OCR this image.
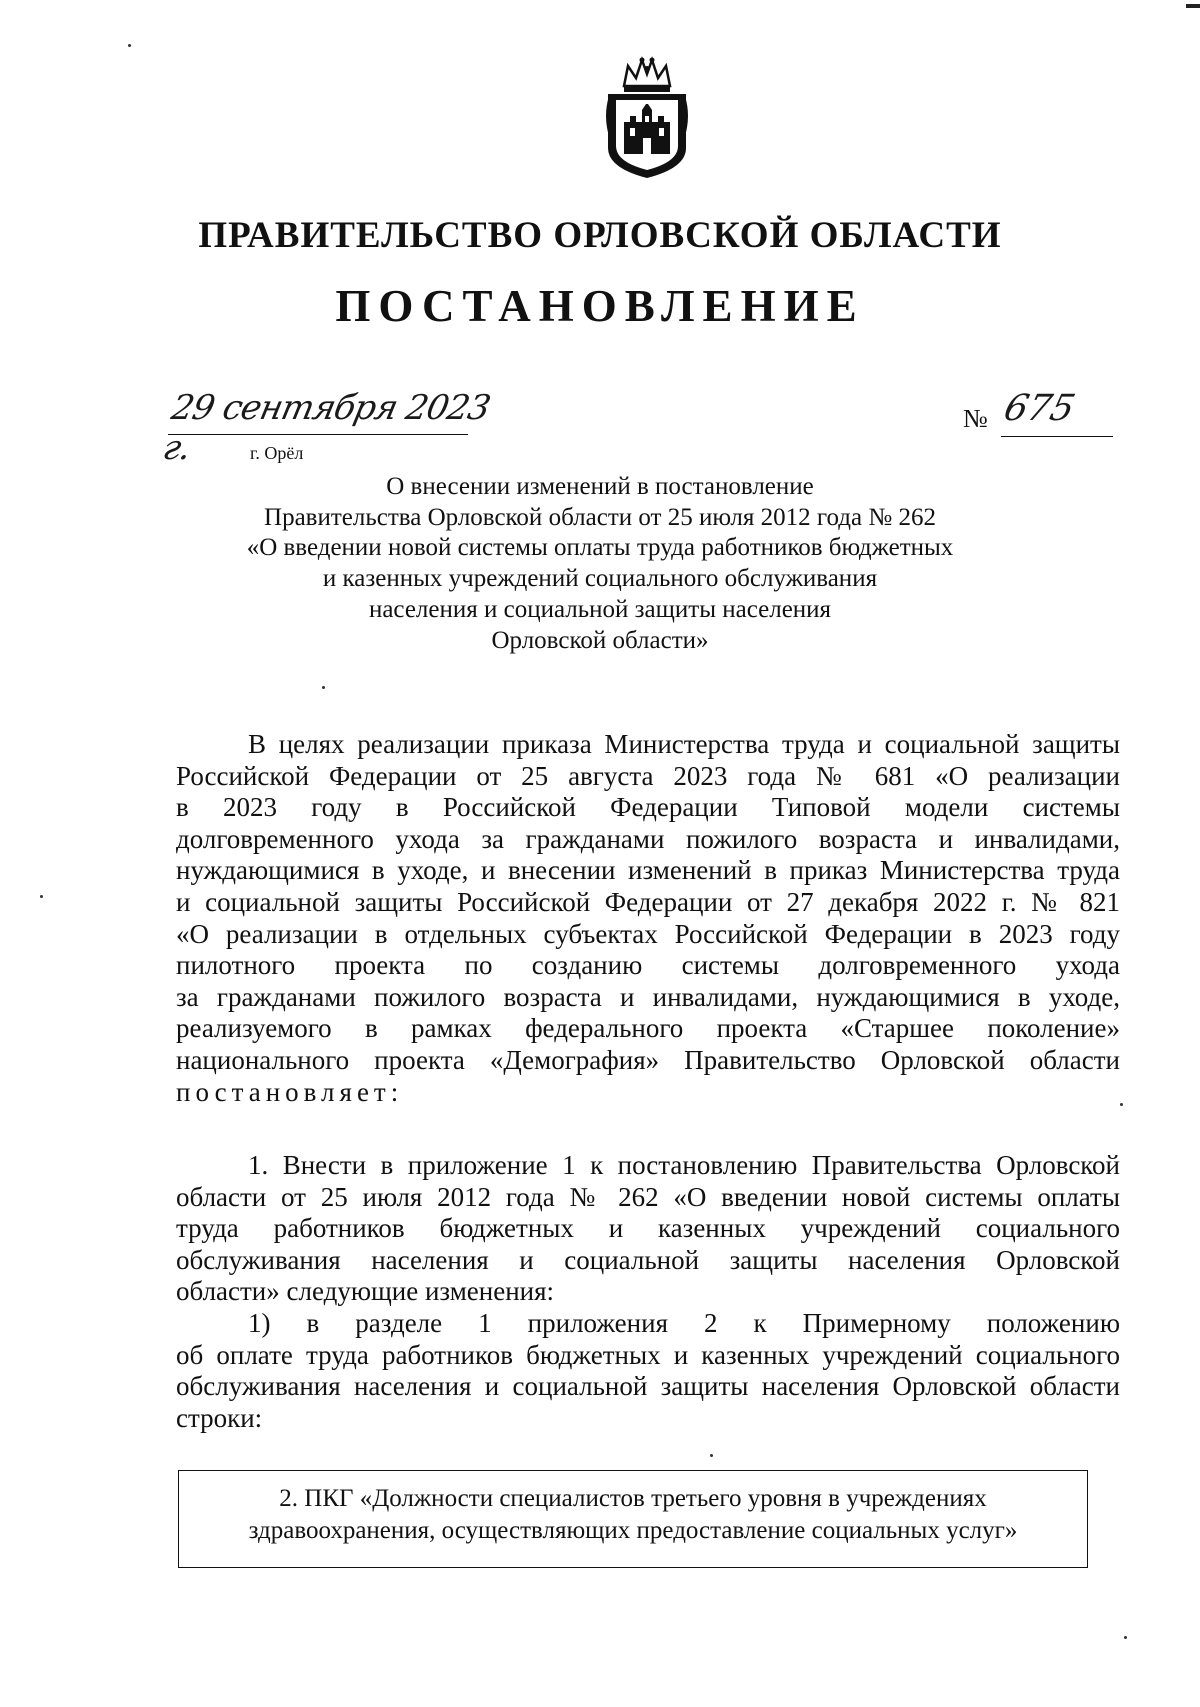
ПРАВИТЕЛЬСТВО ОРЛОВСКОЙ ОБЛАСТИ
ПОСТАНОВЛЕНИЕ
29 сентября 2023 г.	г. Орёл
№ 675
О внесении изменений в постановление
Правительства Орловской области от 25 июля 2012 года № 262
«О введении новой системы оплаты труда работников бюджетных
и казенных учреждений социального обслуживания
населения и социальной защиты населения
Орловской области»
В целях реализации приказа Министерства труда и социальной защиты
Российской Федерации от 25 августа 2023 года № 681 «О реализации
в 2023 году в Российской Федерации Типовой модели системы
долговременного ухода за гражданами пожилого возраста и инвалидами,
нуждающимися в уходе, и внесении изменений в приказ Министерства труда
и социальной защиты Российской Федерации от 27 декабря 2022 г. № 821
«О реализации в отдельных субъектах Российской Федерации в 2023 году
пилотного проекта по созданию системы долговременного ухода
за гражданами пожилого возраста и инвалидами, нуждающимися в уходе,
реализуемого в рамках федерального проекта «Старшее поколение»
национального проекта «Демография» Правительство Орловской области
постановляет:
1. Внести в приложение 1 к постановлению Правительства Орловской
области от 25 июля 2012 года № 262 «О введении новой системы оплаты
труда работников бюджетных и казенных учреждений социального
обслуживания населения и социальной защиты населения Орловской
области» следующие изменения:
1) в разделе 1 приложения 2 к Примерному положению
об оплате труда работников бюджетных и казенных учреждений социального
обслуживания населения и социальной защиты населения Орловской области
строки:
2. ПКГ «Должности специалистов третьего уровня в учреждениях
здравоохранения, осуществляющих предоставление социальных услуг»
